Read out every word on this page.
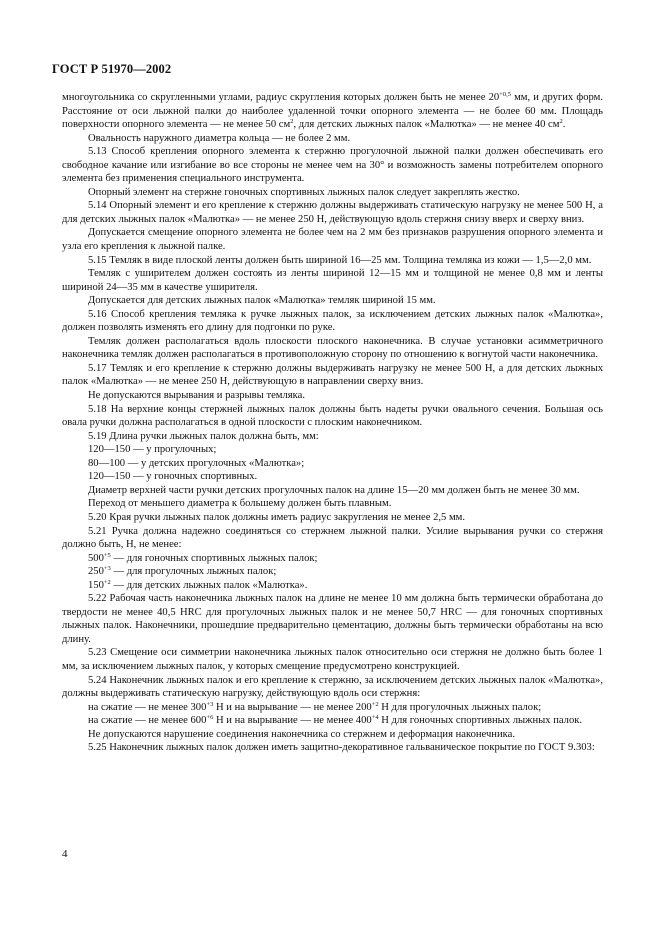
ГОСТ Р 51970—2002

многоугольника со скругленными углами, радиус скругления которых должен быть не менее $20^{+0,5}$ мм, и других форм. Расстояние от оси лыжной палки до наиболее удаленной точки опорного элемента — не более 60 мм. Площадь поверхности опорного элемента — не менее 50 $см^2$, для детских лыжных палок «Малютка» — не менее 40 $см^2$.

Овальность наружного диаметра кольца — не более 2 мм.

5.13 Способ крепления опорного элемента к стержню прогулочной лыжной палки должен обеспечивать его свободное качание или изгибание во все стороны не менее чем на 30° и возможность замены потребителем опорного элемента без применения специального инструмента.

Опорный элемент на стержне гоночных спортивных лыжных палок следует закреплять жестко.

5.14 Опорный элемент и его крепление к стержню должны выдерживать статическую нагрузку не менее 500 Н, а для детских лыжных палок «Малютка» — не менее 250 Н, действующую вдоль стержня снизу вверх и сверху вниз.

Допускается смещение опорного элемента не более чем на 2 мм без признаков разрушения опорного элемента и узла его крепления к лыжной палке.

5.15 Темляк в виде плоской ленты должен быть шириной 16—25 мм. Толщина темляка из кожи — 1,5—2,0 мм.

Темляк с уширителем должен состоять из ленты шириной 12—15 мм и толщиной не менее 0,8 мм и ленты шириной 24—35 мм в качестве уширителя.

Допускается для детских лыжных палок «Малютка» темляк шириной 15 мм.

5.16 Способ крепления темляка к ручке лыжных палок, за исключением детских лыжных палок «Малютка», должен позволять изменять его длину для подгонки по руке.

Темляк должен располагаться вдоль плоскости плоского наконечника. В случае установки асимметричного наконечника темляк должен располагаться в противоположную сторону по отношению к вогнутой части наконечника.

5.17 Темляк и его крепление к стержню должны выдерживать нагрузку не менее 500 Н, а для детских лыжных палок «Малютка» — не менее 250 Н, действующую в направлении сверху вниз.

Не допускаются вырывания и разрывы темляка.

5.18 На верхние концы стержней лыжных палок должны быть надеты ручки овального сечения. Большая ось овала ручки должна располагаться в одной плоскости с плоским наконечником.

5.19 Длина ручки лыжных палок должна быть, мм:

120—150 — у прогулочных;

80—100 — у детских прогулочных «Малютка»;

120—150 — у гоночных спортивных.

Диаметр верхней части ручки детских прогулочных палок на длине 15—20 мм должен быть не менее 30 мм.

Переход от меньшего диаметра к большему должен быть плавным.

5.20 Края ручки лыжных палок должны иметь радиус закругления не менее 2,5 мм.

5.21 Ручка должна надежно соединяться со стержнем лыжной палки. Усилие вырывания ручки со стержня должно быть, Н, не менее:

$500^{+5}$ — для гоночных спортивных лыжных палок;

$250^{+3}$ — для прогулочных лыжных палок;

$150^{+2}$ — для детских лыжных палок «Малютка».

5.22 Рабочая часть наконечника лыжных палок на длине не менее 10 мм должна быть термически обработана до твердости не менее 40,5 HRC для прогулочных лыжных палок и не менее 50,7 HRC — для гоночных спортивных лыжных палок. Наконечники, прошедшие предварительно цементацию, должны быть термически обработаны на всю длину.

5.23 Смещение оси симметрии наконечника лыжных палок относительно оси стержня не должно быть более 1 мм, за исключением лыжных палок, у которых смещение предусмотрено конструкцией.

5.24 Наконечник лыжных палок и его крепление к стержню, за исключением детских лыжных палок «Малютка», должны выдерживать статическую нагрузку, действующую вдоль оси стержня:

на сжатие — не менее $300^{+3}$ Н и на вырывание — не менее $200^{+2}$ Н для прогулочных лыжных палок;

на сжатие — не менее $600^{+6}$ Н и на вырывание — не менее $400^{+4}$ Н для гоночных спортивных лыжных палок.

Не допускаются нарушение соединения наконечника со стержнем и деформация наконечника.

5.25 Наконечник лыжных палок должен иметь защитно-декоративное гальваническое покрытие по ГОСТ 9.303:

4
